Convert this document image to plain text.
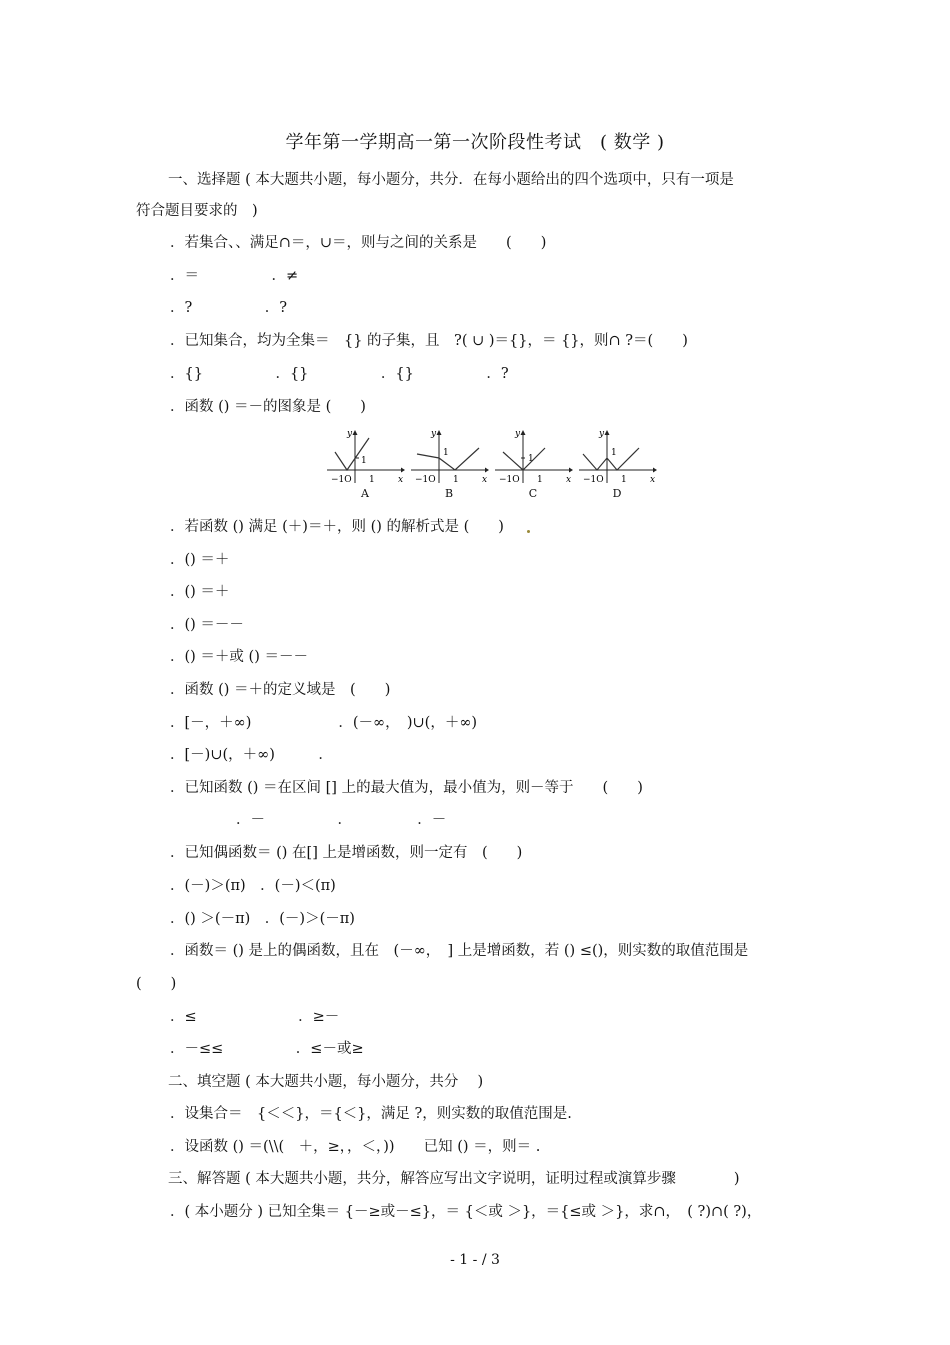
学年第一学期高一第一次阶段性考试　( 数学 )
一、选择题 ( 本大题共小题，每小题分，共分．在每小题给出的四个选项中，只有一项是
符合题目要求的　)
．若集合、、满足∩＝，∪＝，则与之间的关系是　　(　　)
．＝　　　　　．≠
．?　　　　　．?
．已知集合，均为全集＝　{} 的子集，且　?( ∪ )＝{}，＝ {}，则∩ ?＝(　　)
．{}　　　　　．{}　　　　　．{}　　　　　．?
．函数 () ＝－的图象是 (　　)
y
x
−1O 1
1
A
y
x
−1O 1
1
B
y
x
−1O 1
1
C
y
x
−1O 1
1
D
．若函数 () 满足 (＋)＝＋，则 () 的解析式是 (　　)
．() ＝＋
．() ＝＋
．() ＝－－
．() ＝＋或 () ＝－－
．函数 () ＝＋的定义域是　(　　)
．[－，＋∞)　　　　　　．(－∞，　)∪(，＋∞)
．[－)∪(，＋∞)　　　．
．已知函数 () ＝在区间 [] 上的最大值为，最小值为，则－等于　　(　　)
．－　　　　　．　　　　　．－
．已知偶函数＝ () 在[] 上是增函数，则一定有　(　　)
．(－)＞(π)　．(－)＜(π)
．() ＞(－π)　．(－)＞(－π)
．函数＝ () 是上的偶函数，且在　(－∞，　] 上是增函数，若 () ≤()，则实数的取值范围是
(　　)
．≤　　　　　　　．≥－
．－≤≤　　　　　．≤－或≥
二、填空题 ( 本大题共小题，每小题分，共分　 )
．设集合＝　{＜＜}，＝{＜}，满足 ?，则实数的取值范围是.
．设函数 () ＝(\\(　＋，≥，，＜，))　　已知 () ＝，则＝ .
三、解答题 ( 本大题共小题，共分，解答应写出文字说明，证明过程或演算步骤　　　　)
．( 本小题分 ) 已知全集＝ {－≥或－≤}，＝ {＜或 ＞}，＝{≤或 ＞}，求∩，　( ?)∩( ?)，
- 1 - / 3
